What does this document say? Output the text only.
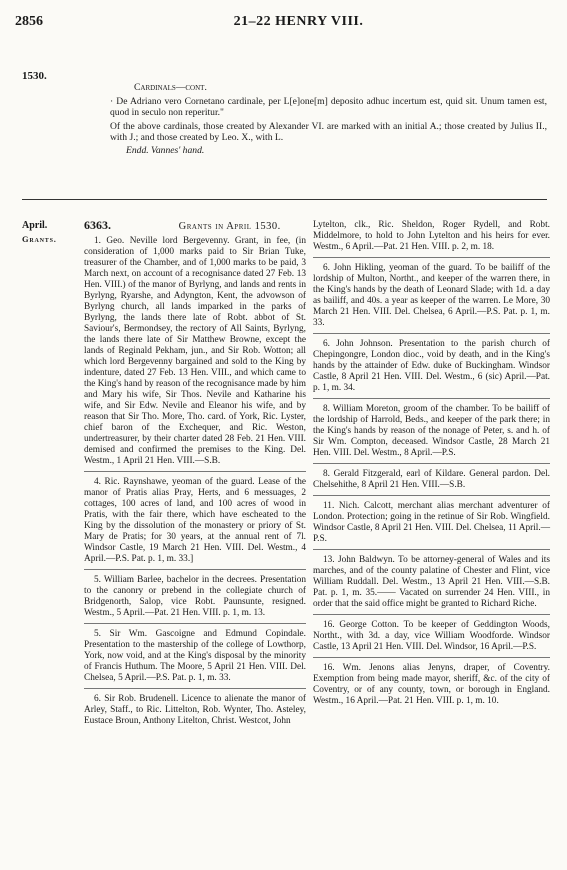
2856	21–22 HENRY VIII.
1530.
Cardinals—cont.

· De Adriano vero Cornetano cardinale, per L[e]one[m] deposito adhuc incertum est, quid sit. Unum tamen est, quod in seculo non reperitur."

Of the above cardinals, those created by Alexander VI. are marked with an initial A.; those created by Julius II., with J.; and those created by Leo. X., with L.

Endd. Vannes' hand.

April.
Grants.
6363.	Grants in April 1530.

1. Geo. Nevillе lord Bergevenny. Grant, in fee, (in consideration of 1,000 marks paid to Sir Brian Tuke, treasurer of the Chamber, and of 1,000 marks to be paid, 3 March next, on account of a recognisance dated 27 Feb. 13 Hen. VIII.) of the manor of Byrlyng, and lands and rents in Byrlyng, Ryarshe, and Adyngton, Kent, the advowson of Byrlyng church, all lands imparked in the parks of Byrlyng, the lands there late of Robt. abbot of St. Saviour's, Bermondsey, the rectory of All Saints, Byrlyng, the lands there late of Sir Matthew Browne, except the lands of Reginald Pekham, jun., and Sir Rob. Wotton; all which lord Bergevenny bargained and sold to the King by indenture, dated 27 Feb. 13 Hen. VIII., and which came to the King's hand by reason of the recognisance made by him and Mary his wife, Sir Thos. Nevile and Katharine his wife, and Sir Edw. Nevile and Eleanor his wife, and by reason that Sir Tho. More, Tho. card. of York, Ric. Lyster, chief baron of the Exchequer, and Ric. Weston, undertreasurer, by their charter dated 28 Feb. 21 Hen. VIII. demised and confirmed the premises to the King. Del. Westm., 1 April 21 Hen. VIII.—S.B.

4. Ric. Raynshawe, yeoman of the guard. Lease of the manor of Pratis alias Pray, Herts, and 6 messuages, 2 cottages, 100 acres of land, and 100 acres of wood in Pratis, with the fair there, which have escheated to the King by the dissolution of the monastery or priory of St. Mary de Pratis; for 30 years, at the annual rent of 7l. Windsor Castle, 19 March 21 Hen. VIII. Del. Westm., 4 April.—P.S. Pat. p. 1, m. 33.]

5. William Barlee, bachelor in the decrees. Presentation to the canonry or prebend in the collegiate church of Bridgenorth, Salop, vice Robt. Paunsunte, resigned. Westm., 5 April.—Pat. 21 Hen. VIII. p. 1, m. 13.

5. Sir Wm. Gascoigne and Edmund Copindale. Presentation to the mastership of the college of Lowthorp, York, now void, and at the King's disposal by the minority of Francis Huthum. The Moore, 5 April 21 Hen. VIII. Del. Chelsea, 5 April.—P.S. Pat. p. 1, m. 33.

6. Sir Rob. Brudenell. Licence to alienate the manor of Arley, Staff., to Ric. Littelton, Rob. Wynter, Tho. Asteley, Eustace Broun, Anthony Litelton, Christ. Westcot, John

Lytelton, clk., Ric. Sheldon, Roger Rydell, and Robt. Middelmore, to hold to John Lytelton and his heirs for ever. Westm., 6 April.—Pat. 21 Hen. VIII. p. 2, m. 18.

6. John Hikling, yeoman of the guard. To be bailiff of the lordship of Multon, Northt., and keeper of the warren there, in the King's hands by the death of Leonard Slade; with 1d. a day as bailiff, and 40s. a year as keeper of the warren. Le More, 30 March 21 Hen. VIII. Del. Chelsea, 6 April.—P.S. Pat. p. 1, m. 33.

6. John Johnson. Presentation to the parish church of Chepingongre, London dioc., void by death, and in the King's hands by the attainder of Edw. duke of Buckingham. Windsor Castle, 8 April 21 Hen. VIII. Del. Westm., 6 (sic) April.—Pat. p. 1, m. 34.

8. William Moreton, groom of the chamber. To be bailiff of the lordship of Harrold, Beds., and keeper of the park there; in the King's hands by reason of the nonage of Peter, s. and h. of Sir Wm. Compton, deceased. Windsor Castle, 28 March 21 Hen. VIII. Del. Westm., 8 April.—P.S.

8. Gerald Fitzgerald, earl of Kildare. General pardon. Del. Chelsehithe, 8 April 21 Hen. VIII.—S.B.

11. Nich. Calcott, merchant alias merchant adventurer of London. Protection; going in the retinue of Sir Rob. Wingfield. Windsor Castle, 8 April 21 Hen. VIII. Del. Chelsea, 11 April.—P.S.

13. John Baldwyn. To be attorney-general of Wales and its marches, and of the county palatine of Chester and Flint, vice William Ruddall. Del. Westm., 13 April 21 Hen. VIII.—S.B. Pat. p. 1, m. 35.—— Vacated on surrender 24 Hen. VIII., in order that the said office might be granted to Richard Riche.

16. George Cotton. To be keeper of Geddington Woods, Northt., with 3d. a day, vice William Woodforde. Windsor Castle, 13 April 21 Hen. VIII. Del. Windsor, 16 April.—P.S.

16. Wm. Jenons alias Jenyns, draper, of Coventry. Exemption from being made mayor, sheriff, &c. of the city of Coventry, or of any county, town, or borough in England. Westm., 16 April.—Pat. 21 Hen. VIII. p. 1, m. 10.
